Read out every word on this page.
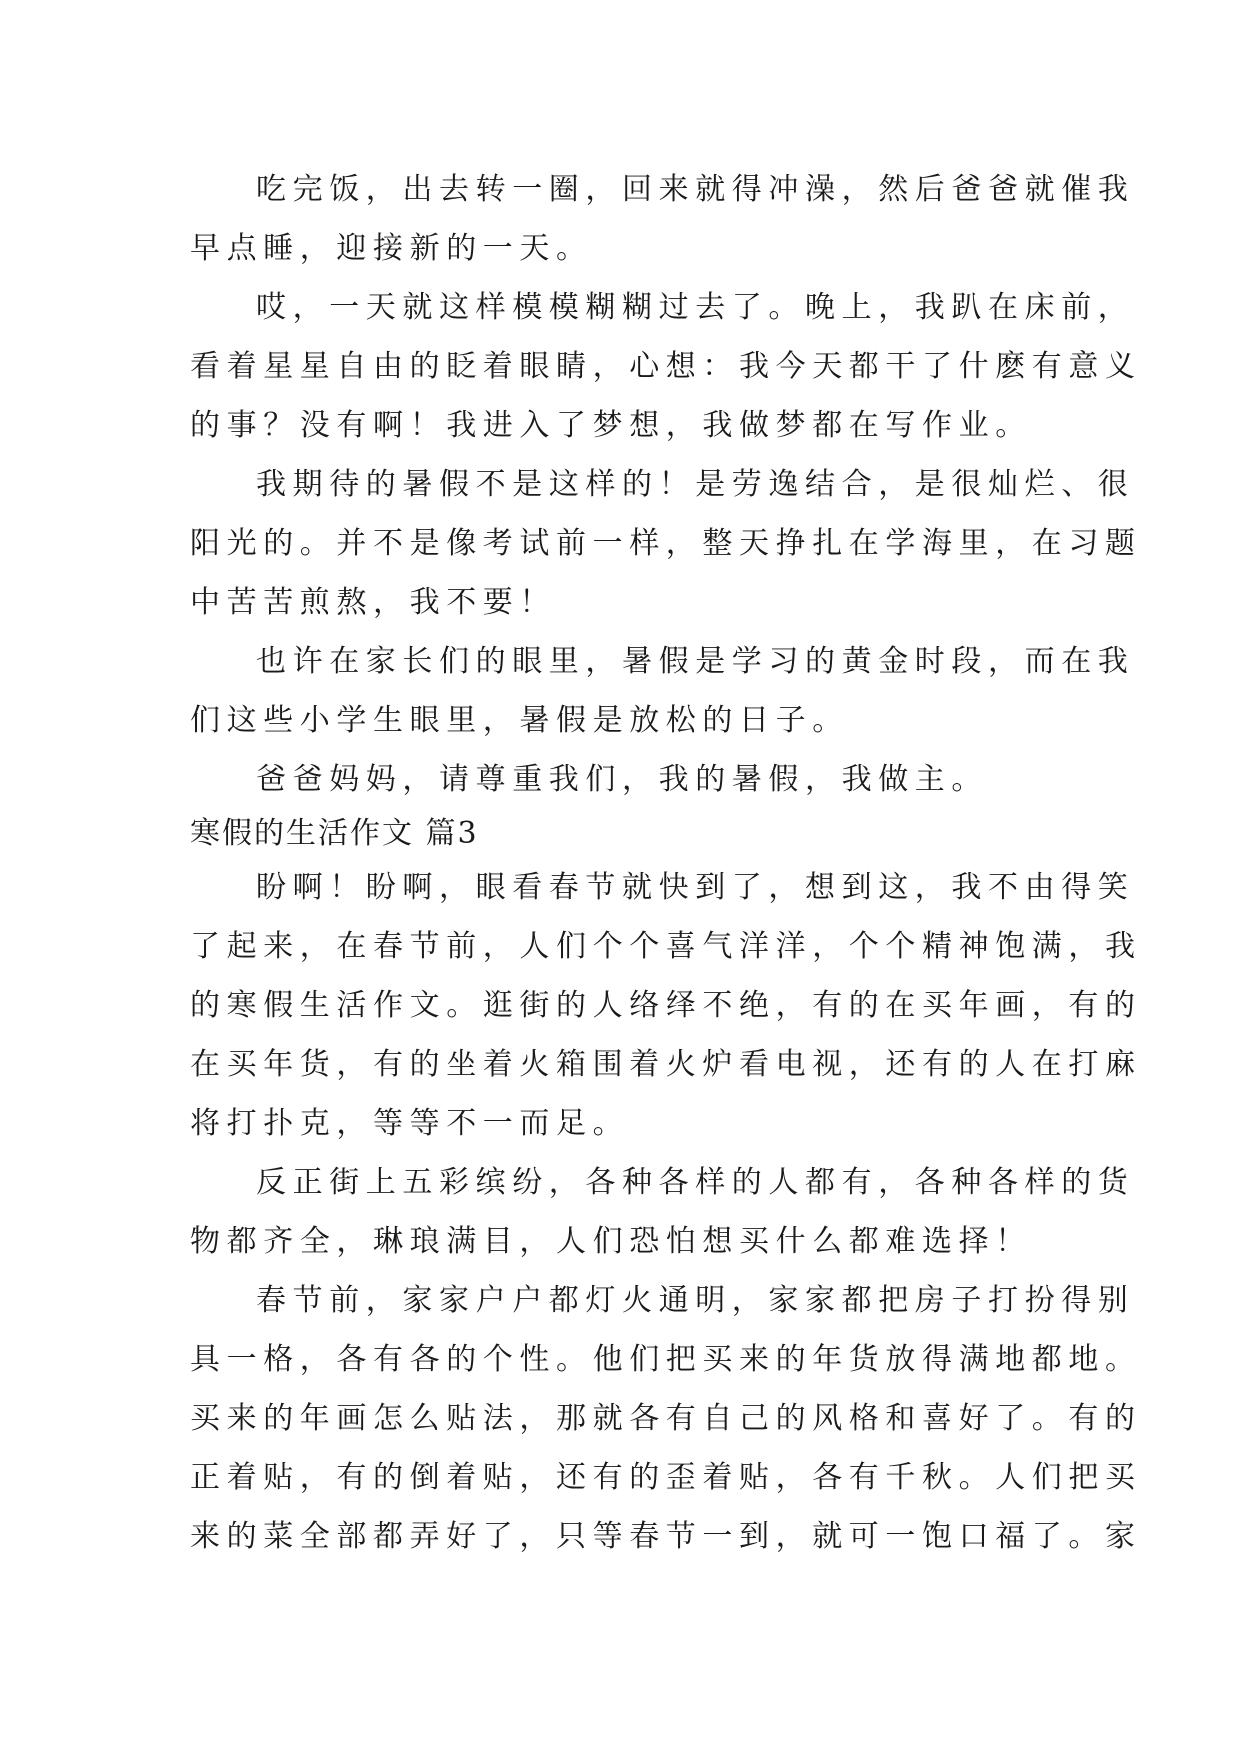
吃完饭，出去转一圈，回来就得冲澡，然后爸爸就催我
早点睡，迎接新的一天。
哎，一天就这样模模糊糊过去了。晚上，我趴在床前，
看着星星自由的眨着眼睛，心想：我今天都干了什麽有意义
的事？没有啊！我进入了梦想，我做梦都在写作业。
我期待的暑假不是这样的！是劳逸结合，是很灿烂、很
阳光的。并不是像考试前一样，整天挣扎在学海里，在习题
中苦苦煎熬，我不要！
也许在家长们的眼里，暑假是学习的黄金时段，而在我
们这些小学生眼里，暑假是放松的日子。
爸爸妈妈，请尊重我们，我的暑假，我做主。
寒假的生活作文 篇3
盼啊！盼啊，眼看春节就快到了，想到这，我不由得笑
了起来，在春节前，人们个个喜气洋洋，个个精神饱满，我
的寒假生活作文。逛街的人络绎不绝，有的在买年画，有的
在买年货，有的坐着火箱围着火炉看电视，还有的人在打麻
将打扑克，等等不一而足。
反正街上五彩缤纷，各种各样的人都有，各种各样的货
物都齐全，琳琅满目，人们恐怕想买什么都难选择！
春节前，家家户户都灯火通明，家家都把房子打扮得别
具一格，各有各的个性。他们把买来的年货放得满地都地。
买来的年画怎么贴法，那就各有自己的风格和喜好了。有的
正着贴，有的倒着贴，还有的歪着贴，各有千秋。人们把买
来的菜全部都弄好了，只等春节一到，就可一饱口福了。家
